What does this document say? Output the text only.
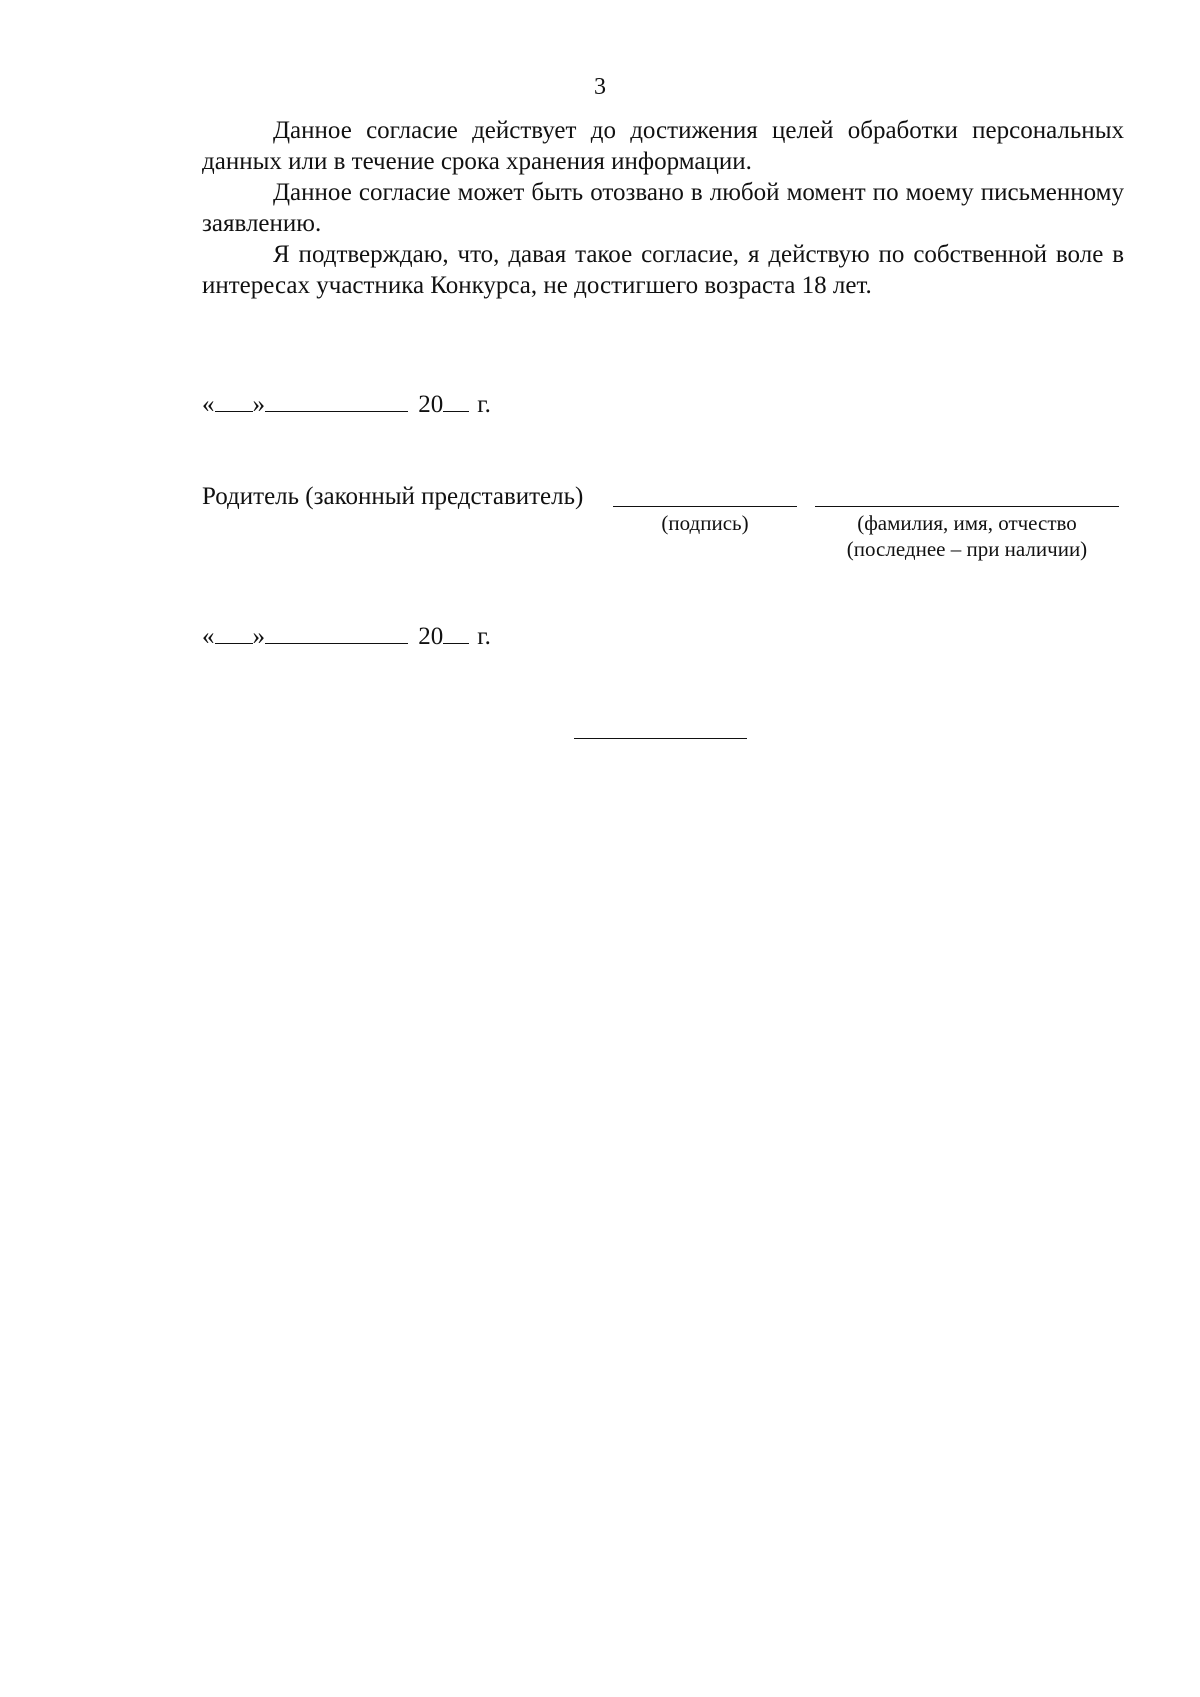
3

Данное согласие действует до достижения целей обработки персональных данных или в течение срока хранения информации.

Данное согласие может быть отозвано в любой момент по моему письменному заявлению.

Я подтверждаю, что, давая такое согласие, я действую по собственной воле в интересах участника Конкурса, не достигшего возраста 18 лет.

« »	20 г.
Родитель (законный представитель)
(подпись)	(фамилия, имя, отчество
(последнее – при наличии)
« »	20 г.
